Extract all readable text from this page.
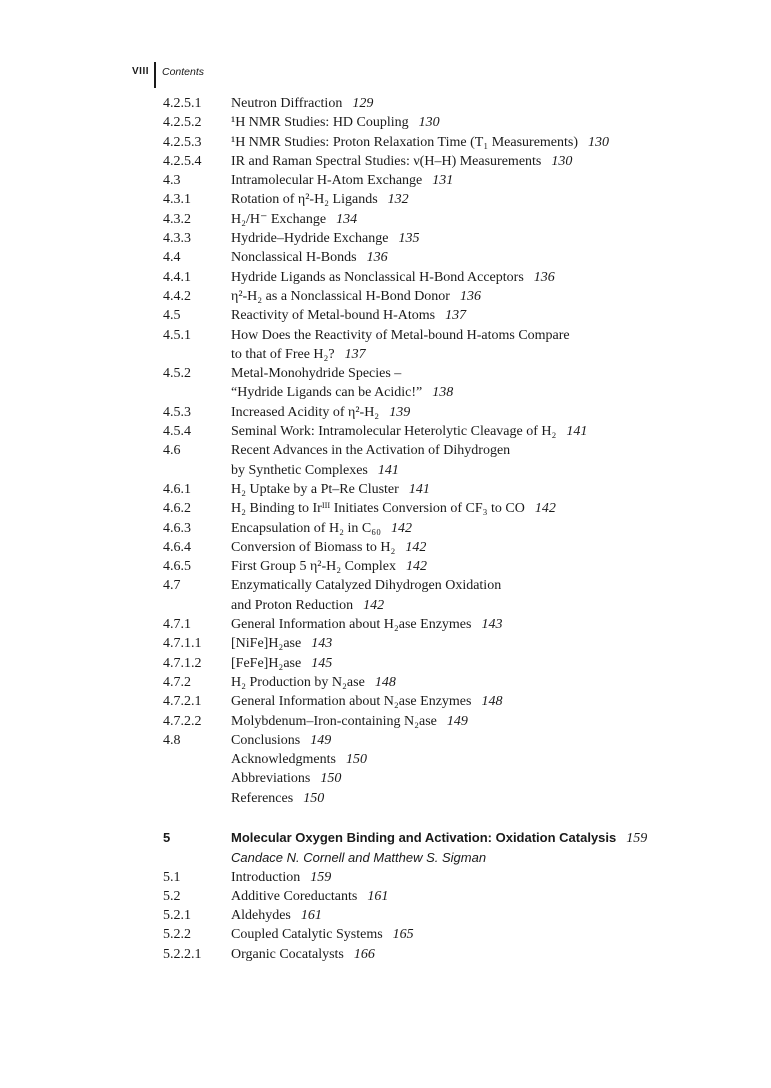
VIII Contents
4.2.5.1	Neutron Diffraction 129
4.2.5.2	¹H NMR Studies: HD Coupling 130
4.2.5.3	¹H NMR Studies: Proton Relaxation Time (T₁ Measurements) 130
4.2.5.4	IR and Raman Spectral Studies: ν(H–H) Measurements 130
4.3	Intramolecular H-Atom Exchange 131
4.3.1	Rotation of η²-H₂ Ligands 132
4.3.2	H₂/H⁻ Exchange 134
4.3.3	Hydride–Hydride Exchange 135
4.4	Nonclassical H-Bonds 136
4.4.1	Hydride Ligands as Nonclassical H-Bond Acceptors 136
4.4.2	η²-H₂ as a Nonclassical H-Bond Donor 136
4.5	Reactivity of Metal-bound H-Atoms 137
4.5.1	How Does the Reactivity of Metal-bound H-atoms Compare
to that of Free H₂? 137
4.5.2	Metal-Monohydride Species –
“Hydride Ligands can be Acidic!” 138
4.5.3	Increased Acidity of η²-H₂ 139
4.5.4	Seminal Work: Intramolecular Heterolytic Cleavage of H₂ 141
4.6	Recent Advances in the Activation of Dihydrogen
by Synthetic Complexes 141
4.6.1	H₂ Uptake by a Pt–Re Cluster 141
4.6.2	H₂ Binding to Irᴵᴵᴵ Initiates Conversion of CF₃ to CO 142
4.6.3	Encapsulation of H₂ in C₆₀ 142
4.6.4	Conversion of Biomass to H₂ 142
4.6.5	First Group 5 η²-H₂ Complex 142
4.7	Enzymatically Catalyzed Dihydrogen Oxidation
and Proton Reduction 142
4.7.1	General Information about H₂ase Enzymes 143
4.7.1.1	[NiFe]H₂ase 143
4.7.1.2	[FeFe]H₂ase 145
4.7.2	H₂ Production by N₂ase 148
4.7.2.1	General Information about N₂ase Enzymes 148
4.7.2.2	Molybdenum–Iron-containing N₂ase 149
4.8	Conclusions 149
Acknowledgments 150
Abbreviations 150
References 150
5	Molecular Oxygen Binding and Activation: Oxidation Catalysis 159
Candace N. Cornell and Matthew S. Sigman
5.1	Introduction 159
5.2	Additive Coreductants 161
5.2.1	Aldehydes 161
5.2.2	Coupled Catalytic Systems 165
5.2.2.1	Organic Cocatalysts 166
